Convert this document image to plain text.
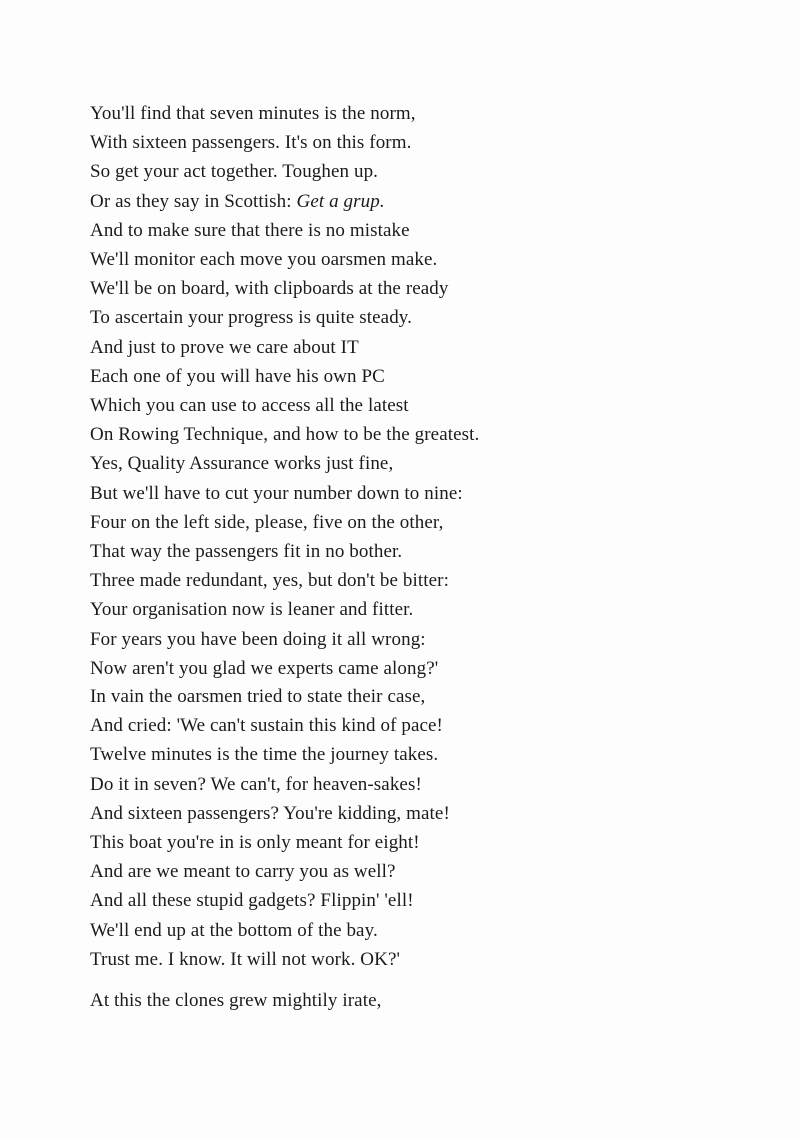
You'll find that seven minutes is the norm,
With sixteen passengers. It's on this form.
So get your act together. Toughen up.
Or as they say in Scottish: Get a grup.
And to make sure that there is no mistake
We'll monitor each move you oarsmen make.
We'll be on board, with clipboards at the ready
To ascertain your progress is quite steady.
And just to prove we care about IT
Each one of you will have his own PC
Which you can use to access all the latest
On Rowing Technique, and how to be the greatest.
Yes, Quality Assurance works just fine,
But we'll have to cut your number down to nine:
Four on the left side, please, five on the other,
That way the passengers fit in no bother.
Three made redundant, yes, but don't be bitter:
Your organisation now is leaner and fitter.
For years you have been doing it all wrong:
Now aren't you glad we experts came along?'
In vain the oarsmen tried to state their case,
And cried: 'We can't sustain this kind of pace!
Twelve minutes is the time the journey takes.
Do it in seven? We can't, for heaven-sakes!
And sixteen passengers? You're kidding, mate!
This boat you're in is only meant for eight!
And are we meant to carry you as well?
And all these stupid gadgets? Flippin' 'ell!
We'll end up at the bottom of the bay.
Trust me. I know. It will not work. OK?'
At this the clones grew mightily irate,
